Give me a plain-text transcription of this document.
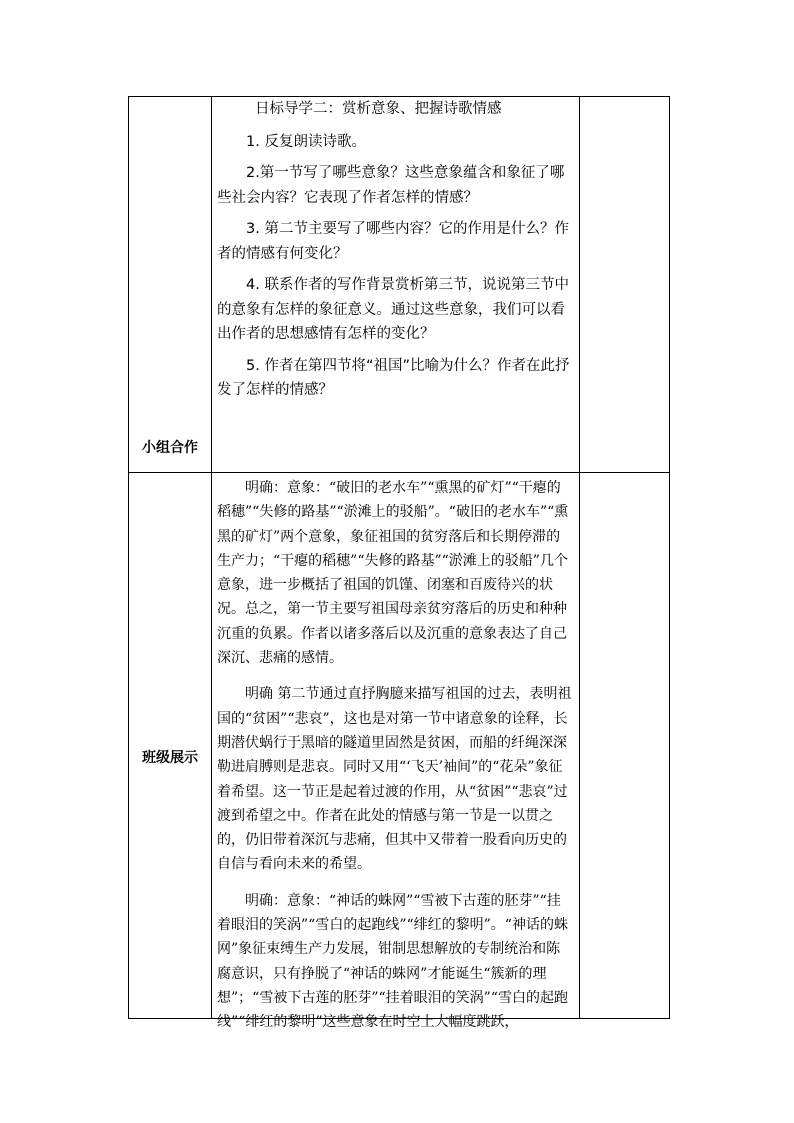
小组合作

日标导学二：赏析意象、把握诗歌情感

1. 反复朗读诗歌。

2.第一节写了哪些意象？这些意象蕴含和象征了哪些社会内容？它表现了作者怎样的情感？

3. 第二节主要写了哪些内容？它的作用是什么？作者的情感有何变化？

4. 联系作者的写作背景赏析第三节，说说第三节中的意象有怎样的象征意义。通过这些意象，我们可以看出作者的思想感情有怎样的变化？

5. 作者在第四节将“祖国”比喻为什么？作者在此抒发了怎样的情感？

班级展示

明确：意象：“破旧的老水车”“熏黑的矿灯”“干瘪的稻穗”“失修的路基”“淤滩上的驳船”。“破旧的老水车”“熏黑的矿灯”两个意象，象征祖国的贫穷落后和长期停滞的生产力；“干瘪的稻穗”“失修的路基”“淤滩上的驳船”几个意象，进一步概括了祖国的饥馑、闭塞和百废待兴的状况。总之，第一节主要写祖国母亲贫穷落后的历史和种种沉重的负累。作者以诸多落后以及沉重的意象表达了自己深沉、悲痛的感情。

明确 第二节通过直抒胸臆来描写祖国的过去，表明祖国的“贫困”“悲哀”，这也是对第一节中诸意象的诠释，长期潜伏蜗行于黑暗的隧道里固然是贫困，而船的纤绳深深勒进肩膊则是悲哀。同时又用“‘飞天’袖间”的“花朵”象征着希望。这一节正是起着过渡的作用，从“贫困”“悲哀”过渡到希望之中。作者在此处的情感与第一节是一以贯之的，仍旧带着深沉与悲痛，但其中又带着一股看向历史的自信与看向未来的希望。

明确：意象：“神话的蛛网”“雪被下古莲的胚芽”“挂着眼泪的笑涡”“雪白的起跑线”“绯红的黎明”。“神话的蛛网”象征束缚生产力发展，钳制思想解放的专制统治和陈腐意识，只有挣脱了“神话的蛛网”才能诞生“簇新的理想”；“雪被下古莲的胚芽”“挂着眼泪的笑涡”“雪白的起跑线”“绯红的黎明”这些意象在时空上大幅度跳跃，
